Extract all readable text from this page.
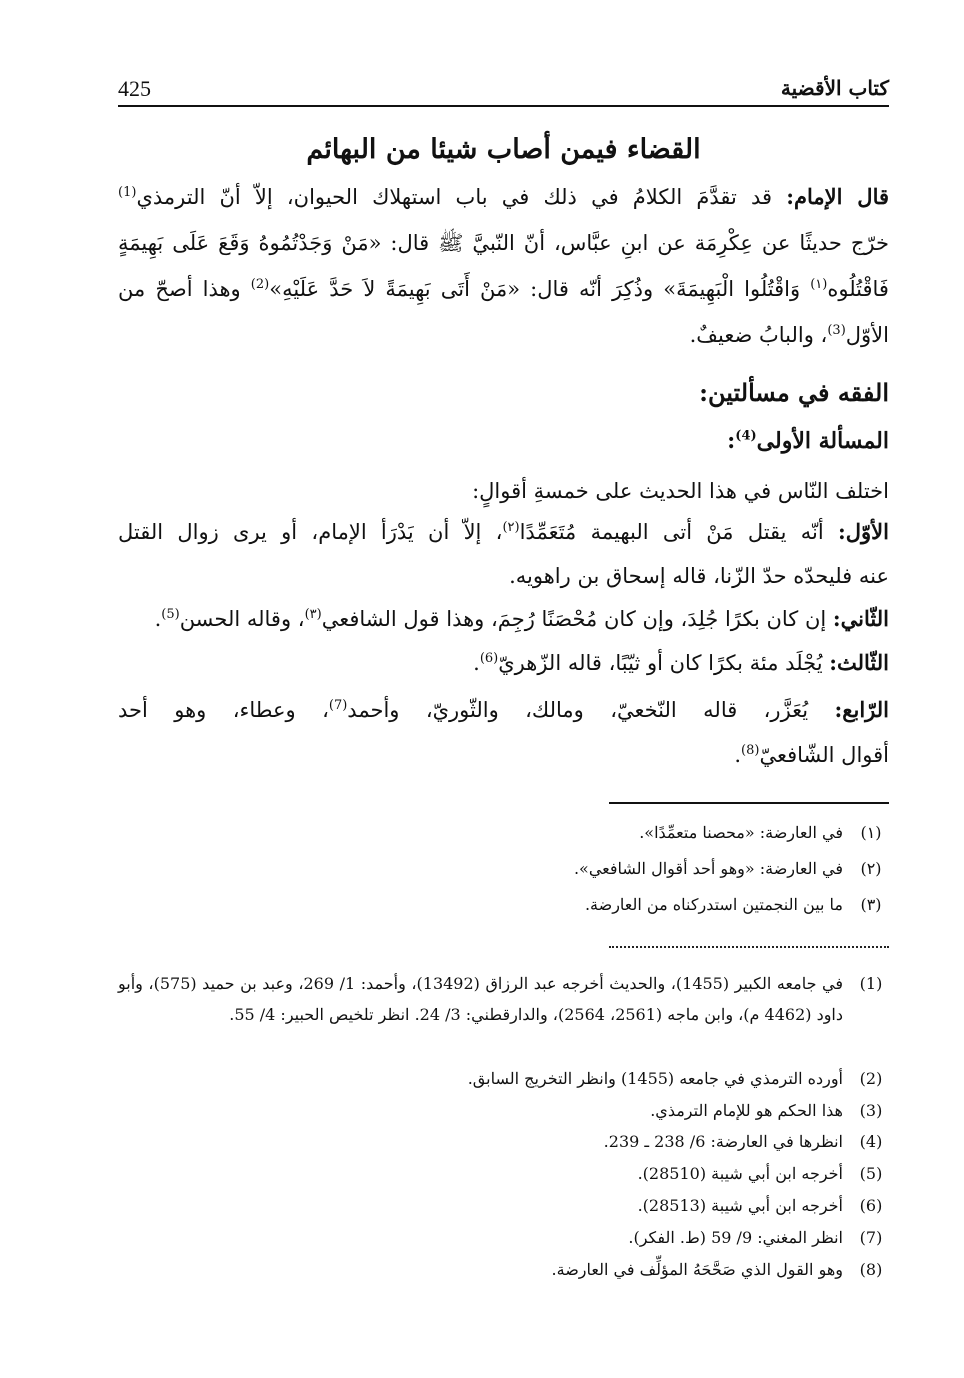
425	كتاب الأقضية
القضاء فيمن أصاب شيئا من البهائم
قال الإمام: قد تقدَّمَ الكلامُ في ذلك في باب استهلاك الحيوان، إلاّ أنّ الترمذي$^{(1)}$
خرّج حديثًا عن عِكْرِمَة عن ابنِ عبَّاس، أنّ النّبيَّ ﷺ قال: «مَنْ وَجَدْتُمُوهُ وَقَعَ عَلَى بَهِيمَةٍ
فَاقْتُلُوه$^{(١)}$ وَاقْتُلُوا الْبَهِيمَةَ» وذُكِرَ أنّه قال: «مَنْ أَتَى بَهِيمَةً لاَ حَدَّ عَلَيْهِ»$^{(2)}$ وهذا أصحّ من
الأوّل$^{(3)}$، والبابُ ضعيفٌ.
الفقه في مسألتين:
المسألة الأولى$^{(4)}$:
اختلف النّاس في هذا الحديث على خمسةِ أقوالٍ:
الأوّل: أنّه يقتل مَنْ أتى البهيمة مُتَعَمِّدًا$^{(٢)}$، إلاّ أن يَدْرَأ الإمام، أو يرى زوال القتل
عنه فليحدّه حدّ الزّنا، قاله إسحاق بن راهويه.
الثّاني: إن كان بكرًا جُلِدَ، وإن كان مُحْصَنًا رُجِمَ، وهذا قول الشافعي$^{(٣)}$، وقاله الحسن$^{(5)}$.
الثّالث: يُجْلَد مئة بكرًا كان أو ثيّبًا، قاله الزّهريّ$^{(6)}$.
الرّابع: يُعَزَّر، قاله النّخعيّ، ومالك، والثّوريّ، وأحمد$^{(7)}$، وعطاء، وهو أحد
أقوال الشّافعيّ$^{(8)}$.
(١)
في العارضة: «محصنا متعمِّدًا».
(٢)
في العارضة: «وهو أحد أقوال الشافعي».
(٣)
ما بين النجمتين استدركناه من العارضة.
(1)
في جامعه الكبير (1455)، والحديث أخرجه عبد الرزاق (13492)، وأحمد: 1/ 269، وعبد بن حميد (575)، وأبو داود (4462 م)، وابن ماجه (2561، 2564)، والدارقطني: 3/ 24. انظر تلخيص الحبير: 4/ 55.
(2)
أورده الترمذي في جامعه (1455) وانظر التخريج السابق.
(3)
هذا الحكم هو للإمام الترمذي.
(4)
انظرها في العارضة: 6/ 238 ـ 239.
(5)
أخرجه ابن أبي شيبة (28510).
(6)
أخرجه ابن أبي شيبة (28513).
(7)
انظر المغني: 9/ 59 (ط. الفكر).
(8)
وهو القول الذي صَحَّحَهُ المؤلِّف في العارضة.
